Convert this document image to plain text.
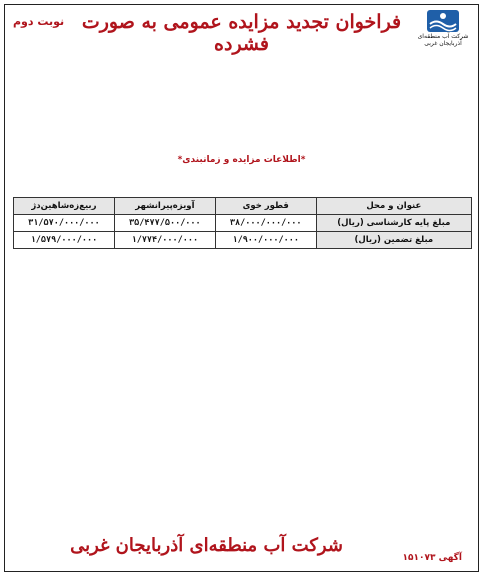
شرکت آب منطقه‌ای آذربایجان غربی
فراخوان تجدید مزایده عمومی به صورت فشرده
نوبت دوم
*اطلاعات مزایده و زمانبندی*
عنوان و محل	قطور خوی	آویزه‌پیرانشهر	ربیع‌زه‌شاهین‌دژ
مبلغ پایه کارشناسی (ریال)	۳۸/۰۰۰/۰۰۰/۰۰۰	۳۵/۴۷۷/۵۰۰/۰۰۰	۳۱/۵۷۰/۰۰۰/۰۰۰
مبلغ تضمین (ریال)	۱/۹۰۰/۰۰۰/۰۰۰	۱/۷۷۴/۰۰۰/۰۰۰	۱/۵۷۹/۰۰۰/۰۰۰
شرکت آب منطقه‌ای آذربایجان غربی
آگهی ۱۵۱۰۷۳
